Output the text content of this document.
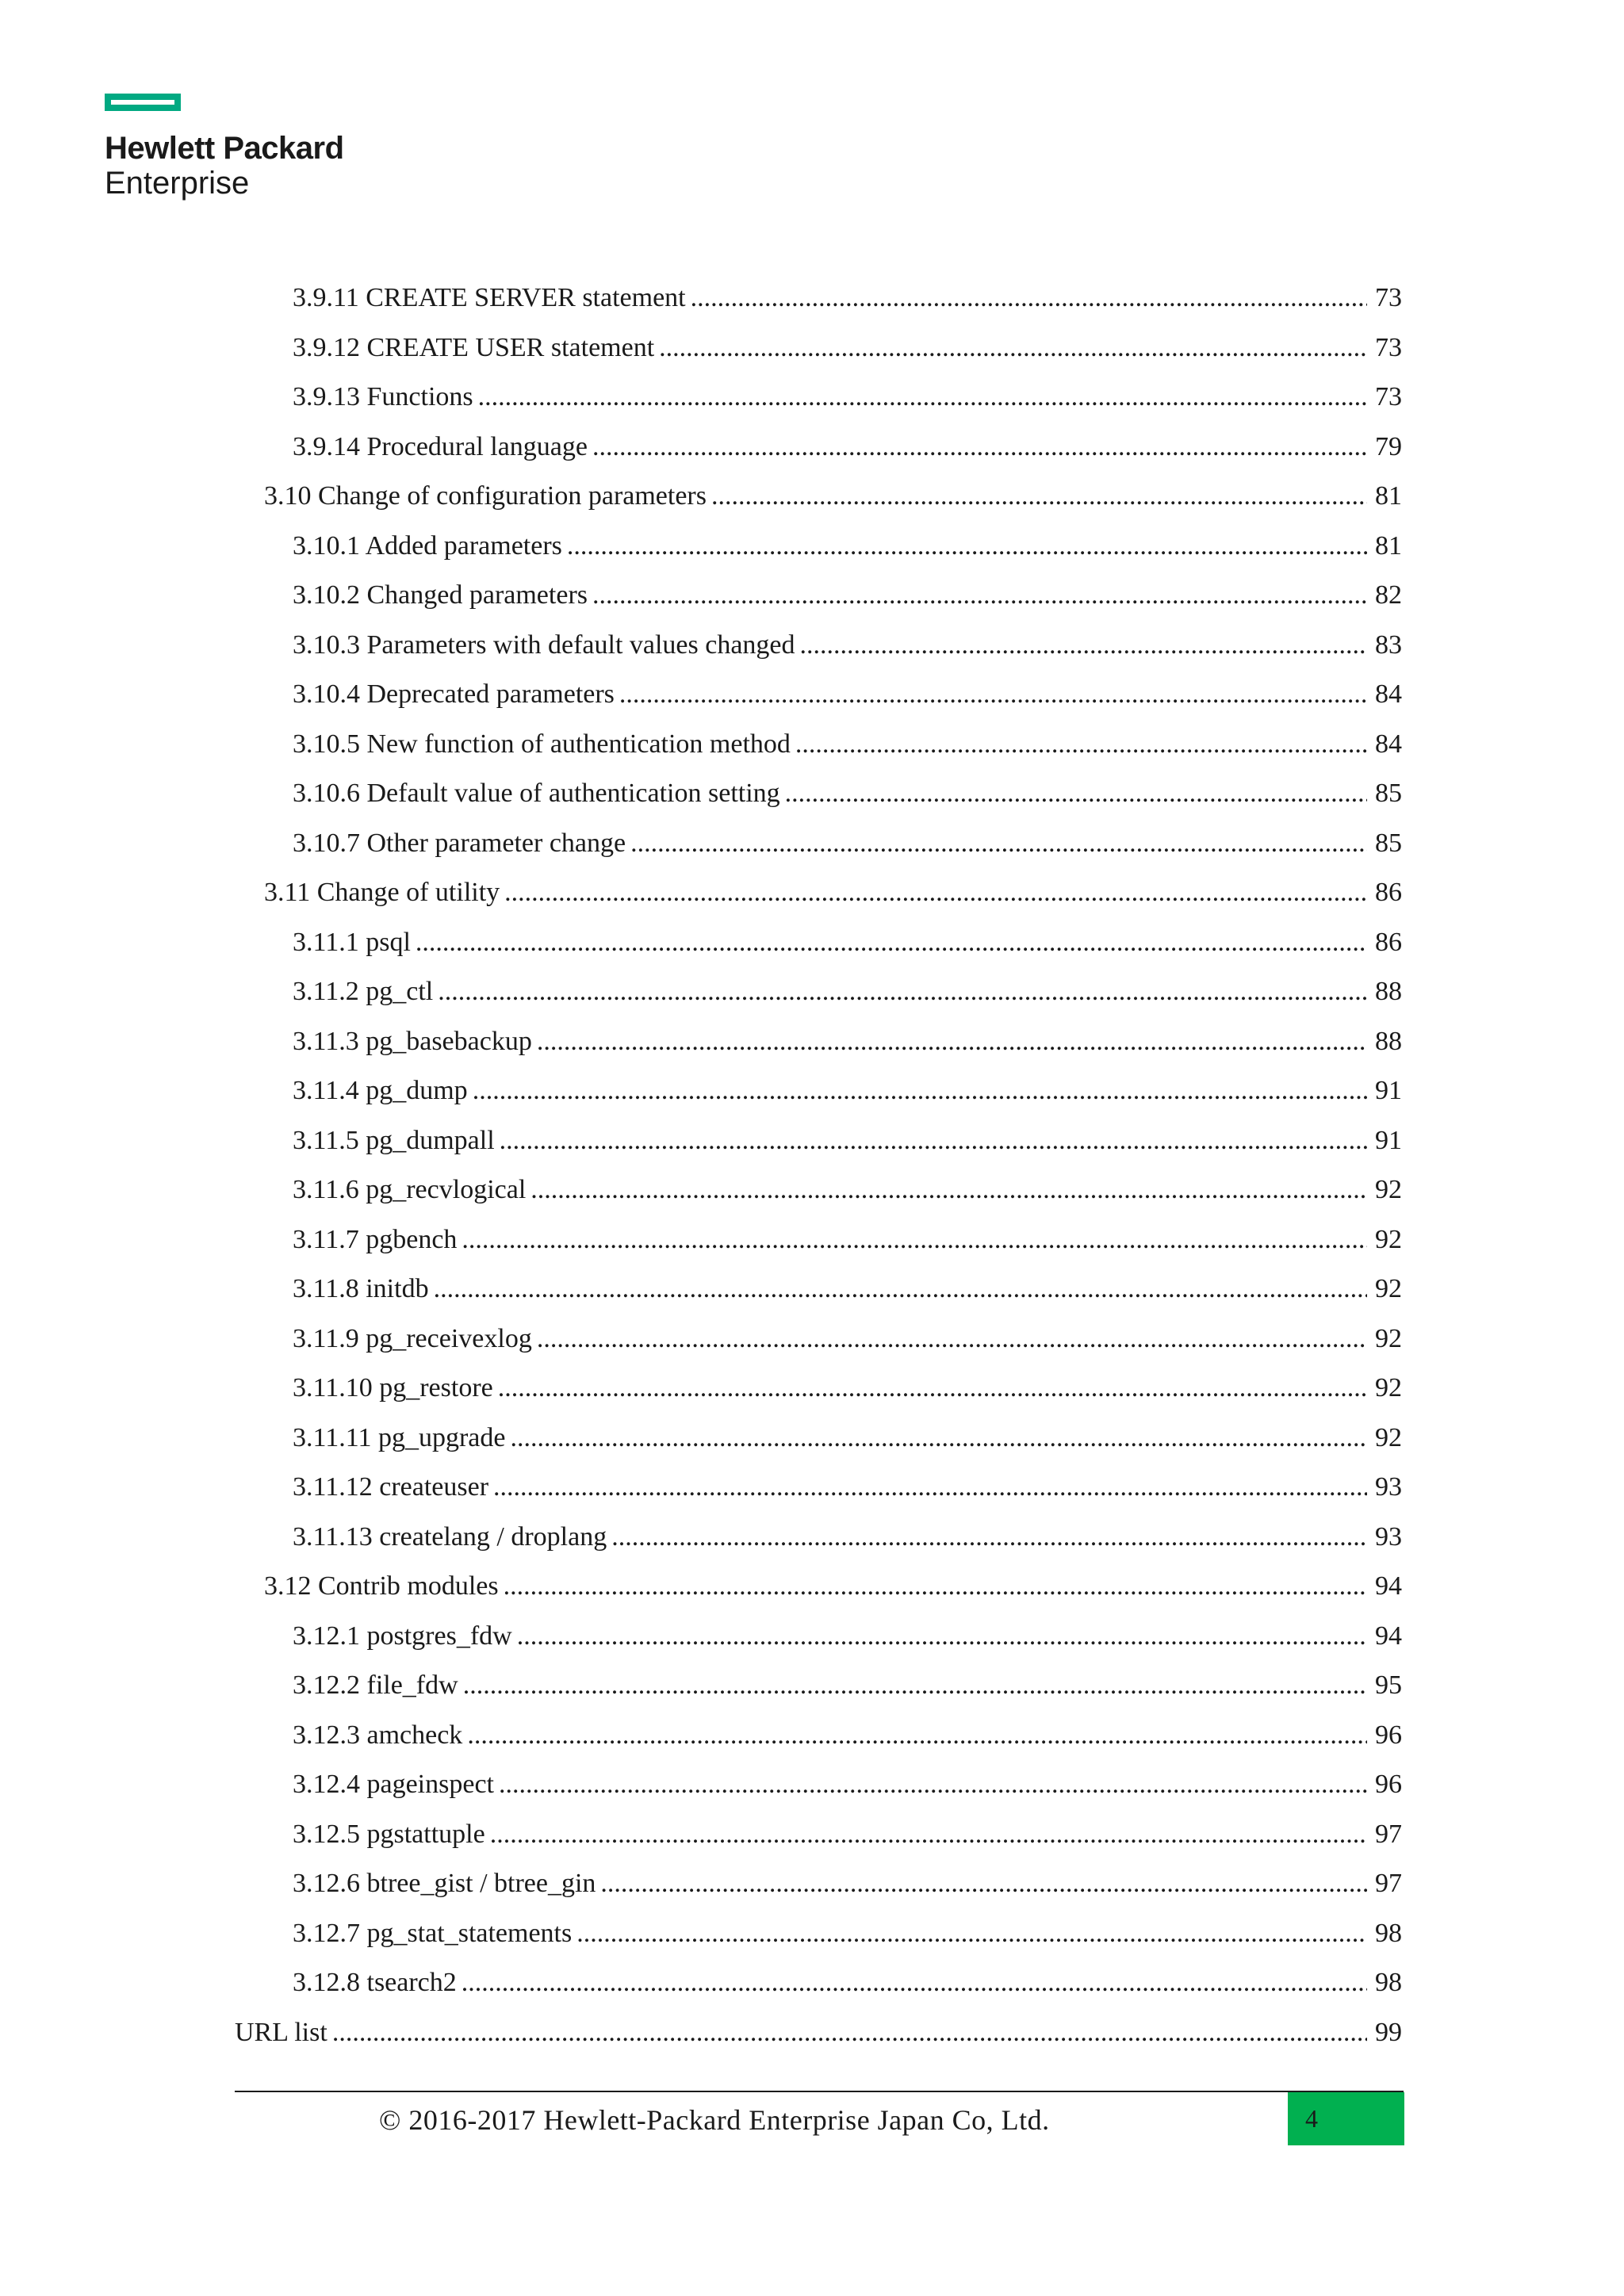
Hewlett Packard
Enterprise
3.9.11 CREATE SERVER statement .....	73
3.9.12 CREATE USER statement .....	73
3.9.13 Functions .....	73
3.9.14 Procedural language .....	79
3.10 Change of configuration parameters .....	81
3.10.1 Added parameters .....	81
3.10.2 Changed parameters .....	82
3.10.3 Parameters with default values changed .....	83
3.10.4 Deprecated parameters .....	84
3.10.5 New function of authentication method .....	84
3.10.6 Default value of authentication setting .....	85
3.10.7 Other parameter change .....	85
3.11 Change of utility .....	86
3.11.1 psql .....	86
3.11.2 pg_ctl .....	88
3.11.3 pg_basebackup .....	88
3.11.4 pg_dump .....	91
3.11.5 pg_dumpall .....	91
3.11.6 pg_recvlogical .....	92
3.11.7 pgbench .....	92
3.11.8 initdb .....	92
3.11.9 pg_receivexlog .....	92
3.11.10 pg_restore .....	92
3.11.11 pg_upgrade .....	92
3.11.12 createuser .....	93
3.11.13 createlang / droplang .....	93
3.12 Contrib modules .....	94
3.12.1 postgres_fdw .....	94
3.12.2 file_fdw .....	95
3.12.3 amcheck .....	96
3.12.4 pageinspect .....	96
3.12.5 pgstattuple .....	97
3.12.6 btree_gist / btree_gin .....	97
3.12.7 pg_stat_statements .....	98
3.12.8 tsearch2 .....	98
URL list .....	99
© 2016-2017 Hewlett-Packard Enterprise Japan Co, Ltd.	4
